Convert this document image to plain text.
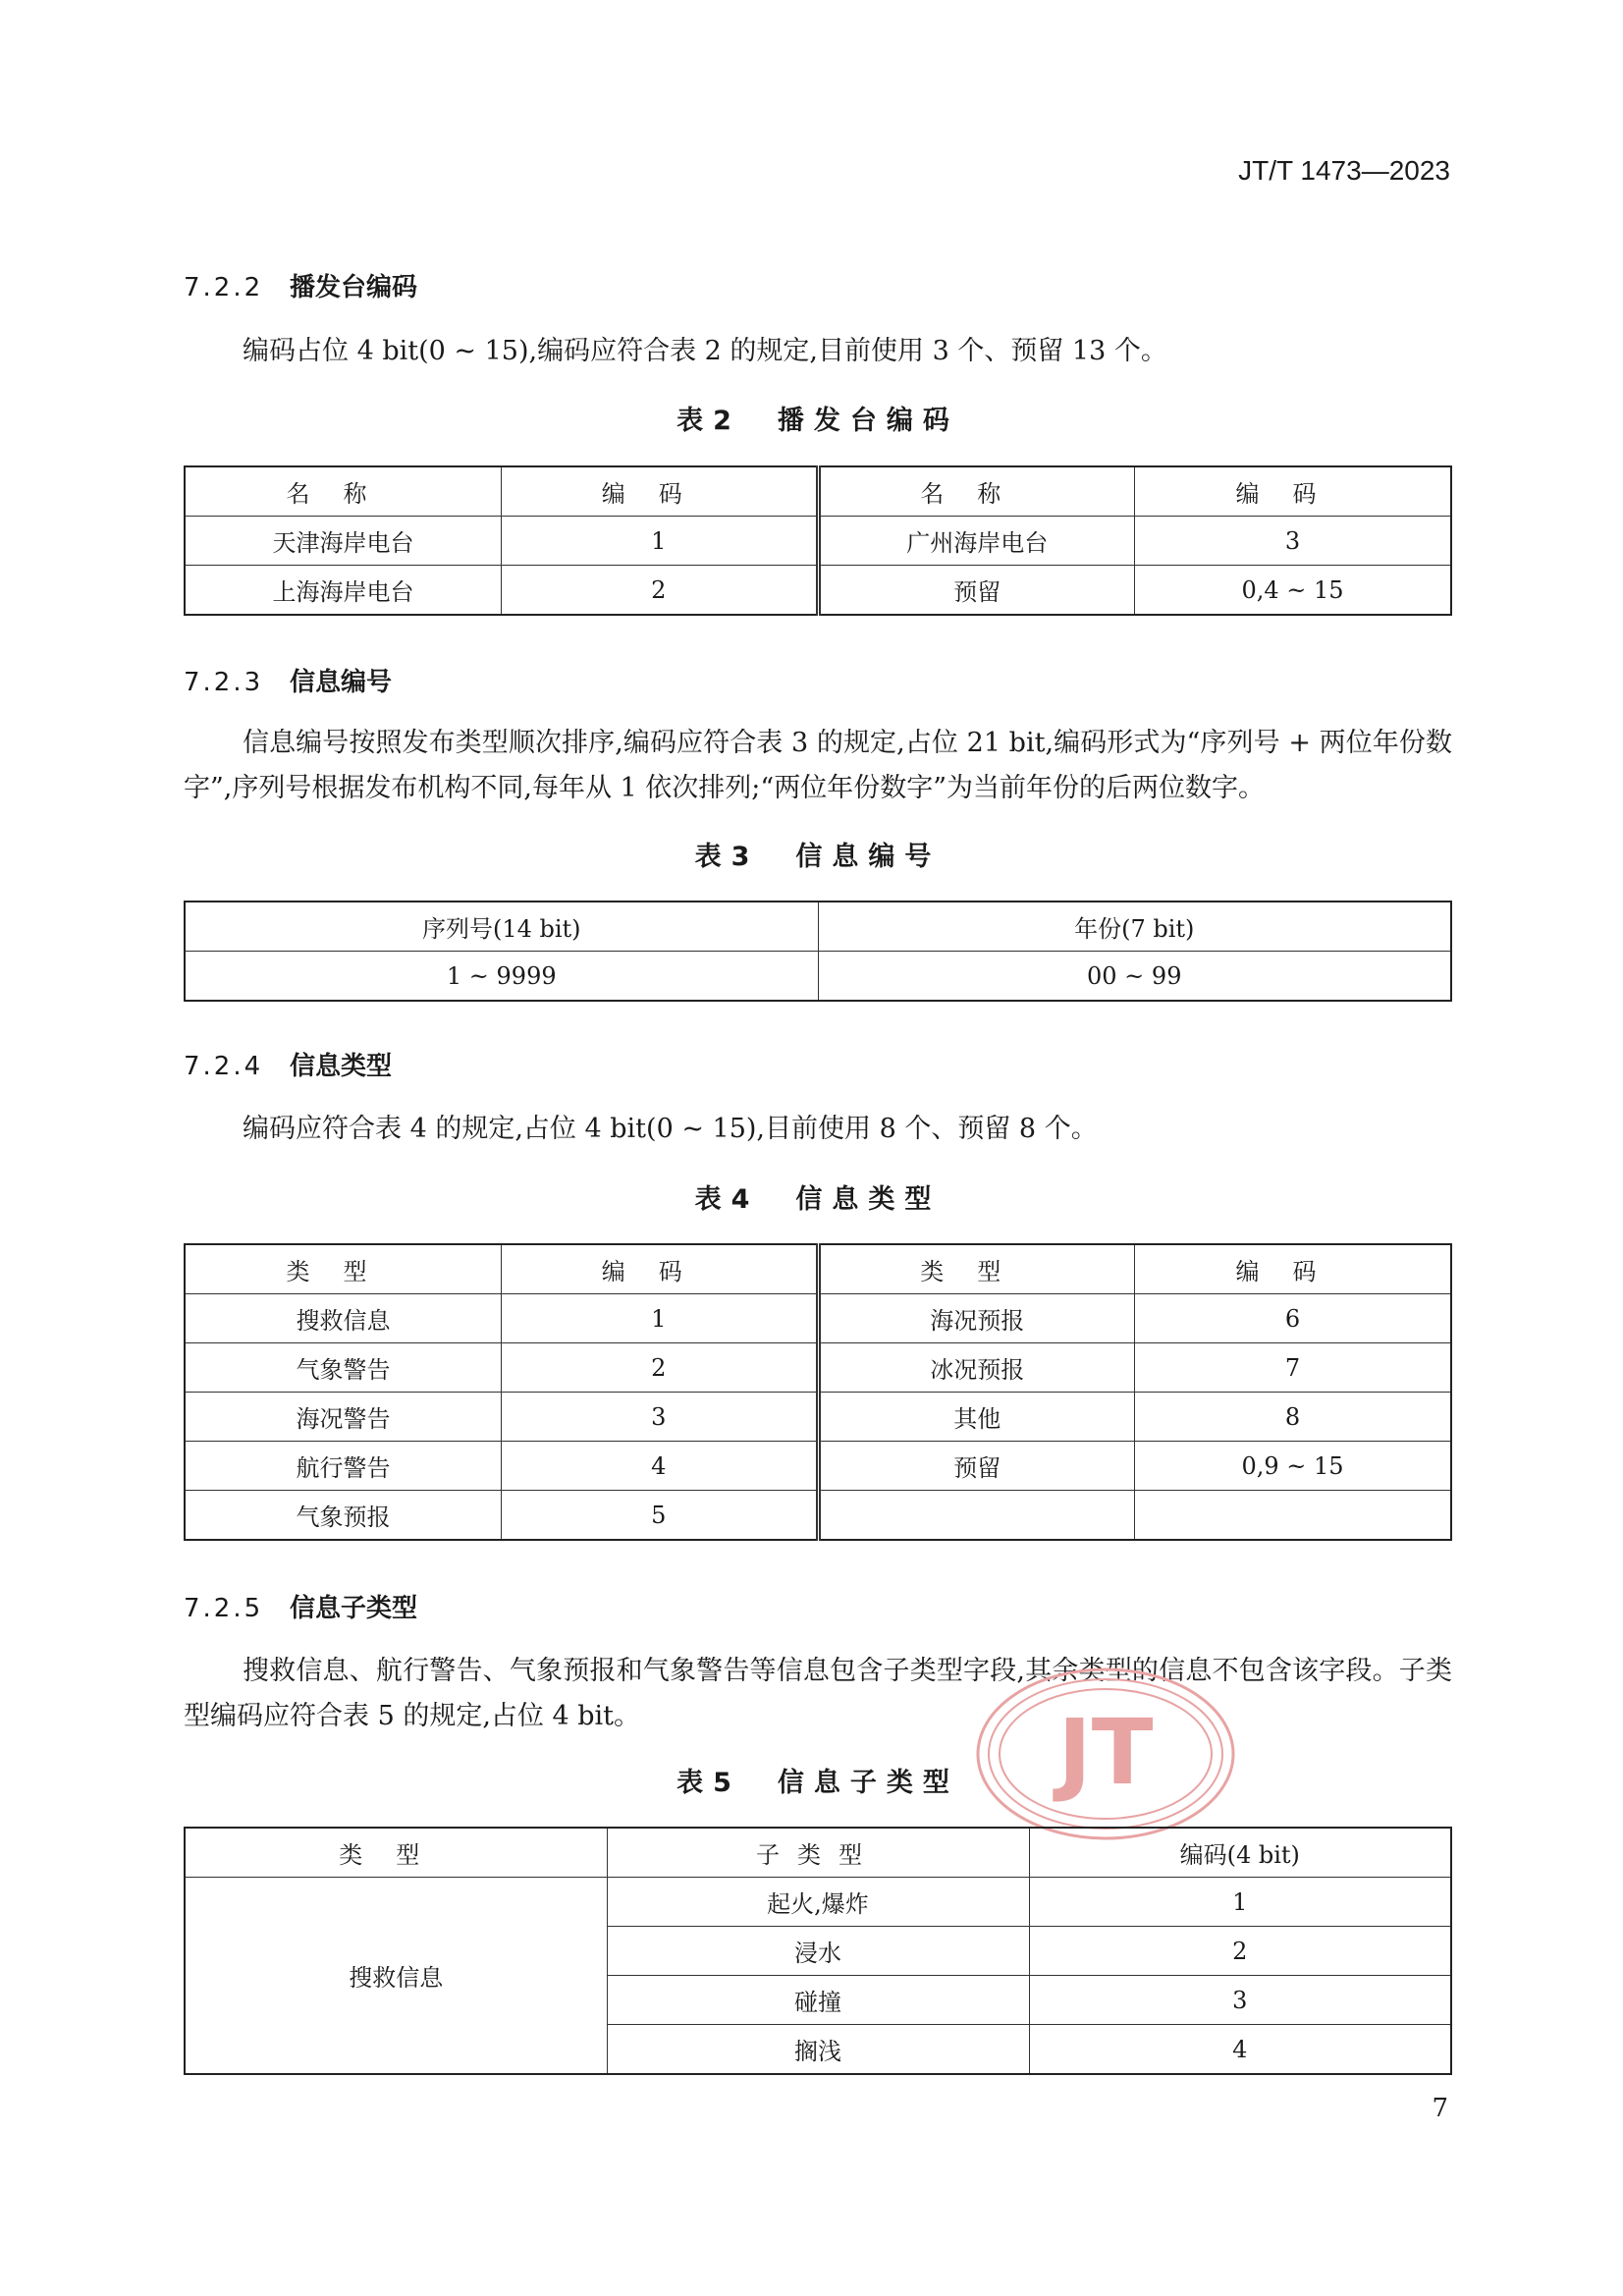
JT/T 1473—2023
7.2.2 播发台编码
编码占位 4 bit(0 ~ 15),编码应符合表 2 的规定,目前使用 3 个、预留 13 个。
表2　播发台编码
名称	编码	名称	编码
天津海岸电台	1	广州海岸电台	3
上海海岸电台	2	预留	0,4 ~ 15
7.2.3 信息编号
信息编号按照发布类型顺次排序,编码应符合表 3 的规定,占位 21 bit,编码形式为“序列号 + 两位年份数字”,序列号根据发布机构不同,每年从 1 依次排列;“两位年份数字”为当前年份的后两位数字。
表3　信息编号
序列号(14 bit)	年份(7 bit)
1 ~ 9999	00 ~ 99
7.2.4 信息类型
编码应符合表 4 的规定,占位 4 bit(0 ~ 15),目前使用 8 个、预留 8 个。
表4　信息类型
类型	编码	类型	编码
搜救信息	1	海况预报	6
气象警告	2	冰况预报	7
海况警告	3	其他	8
航行警告	4	预留	0,9 ~ 15
气象预报	5		
7.2.5 信息子类型
搜救信息、航行警告、气象预报和气象警告等信息包含子类型字段,其余类型的信息不包含该字段。子类型编码应符合表 5 的规定,占位 4 bit。	JT
表5　信息子类型
类型	子类型	编码(4 bit)
搜救信息	起火,爆炸	1
	浸水	2
	碰撞	3
	搁浅	4
7
